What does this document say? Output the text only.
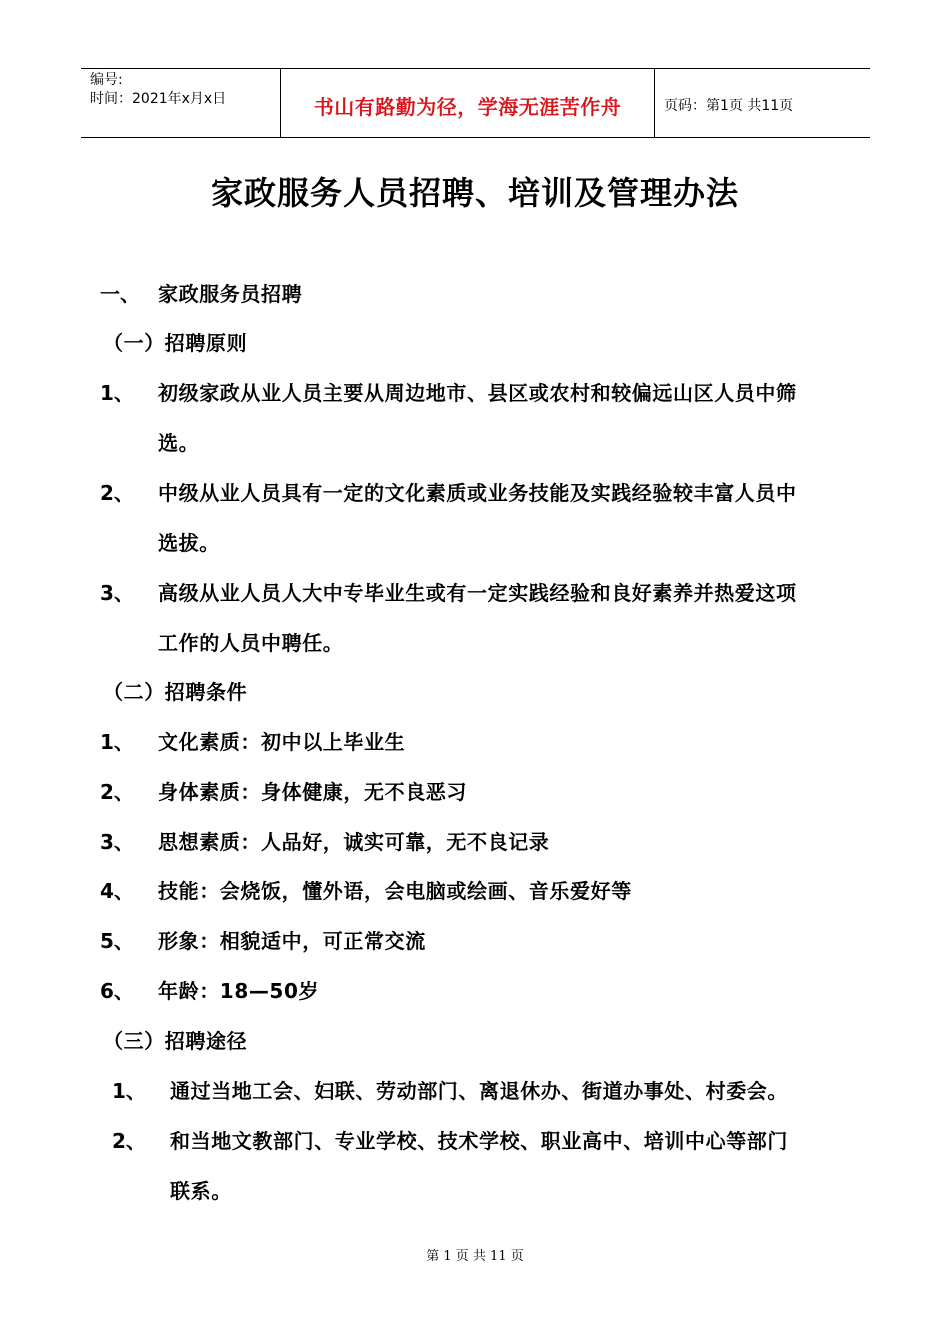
编号:
时间：2021年x月x日	书山有路勤为径，学海无涯苦作舟	页码：第1页 共11页
家政服务人员招聘、培训及管理办法
一、 家政服务员招聘
（一）招聘原则
1、 初级家政从业人员主要从周边地市、县区或农村和较偏远山区人员中筛
选。
2、 中级从业人员具有一定的文化素质或业务技能及实践经验较丰富人员中
选拔。
3、 高级从业人员人大中专毕业生或有一定实践经验和良好素养并热爱这项
工作的人员中聘任。
（二）招聘条件
1、 文化素质：初中以上毕业生
2、 身体素质：身体健康，无不良恶习
3、 思想素质：人品好，诚实可靠，无不良记录
4、 技能：会烧饭，懂外语，会电脑或绘画、音乐爱好等
5、 形象：相貌适中，可正常交流
6、 年龄：18—50岁
（三）招聘途径
1、 通过当地工会、妇联、劳动部门、离退休办、街道办事处、村委会。
2、 和当地文教部门、专业学校、技术学校、职业高中、培训中心等部门
联系。
第 1 页 共 11 页
